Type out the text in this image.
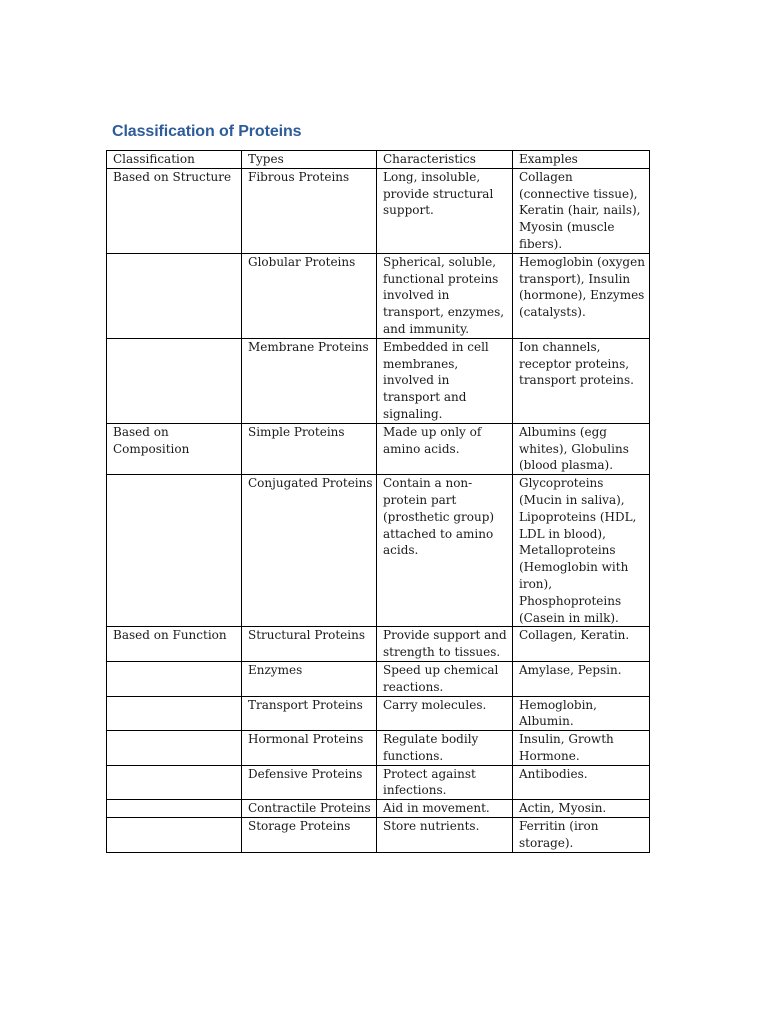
Classification of Proteins
Classification	Types	Characteristics	Examples
Based on Structure	Fibrous Proteins	Long, insoluble, provide structural support.	Collagen (connective tissue), Keratin (hair, nails), Myosin (muscle fibers).
	Globular Proteins	Spherical, soluble, functional proteins involved in transport, enzymes, and immunity.	Hemoglobin (oxygen transport), Insulin (hormone), Enzymes (catalysts).
	Membrane Proteins	Embedded in cell membranes, involved in transport and signaling.	Ion channels, receptor proteins, transport proteins.
Based on Composition	Simple Proteins	Made up only of amino acids.	Albumins (egg whites), Globulins (blood plasma).
	Conjugated Proteins	Contain a non-protein part (prosthetic group) attached to amino acids.	Glycoproteins (Mucin in saliva), Lipoproteins (HDL, LDL in blood), Metalloproteins (Hemoglobin with iron), Phosphoproteins (Casein in milk).
Based on Function	Structural Proteins	Provide support and strength to tissues.	Collagen, Keratin.
	Enzymes	Speed up chemical reactions.	Amylase, Pepsin.
	Transport Proteins	Carry molecules.	Hemoglobin, Albumin.
	Hormonal Proteins	Regulate bodily functions.	Insulin, Growth Hormone.
	Defensive Proteins	Protect against infections.	Antibodies.
	Contractile Proteins	Aid in movement.	Actin, Myosin.
	Storage Proteins	Store nutrients.	Ferritin (iron storage).
